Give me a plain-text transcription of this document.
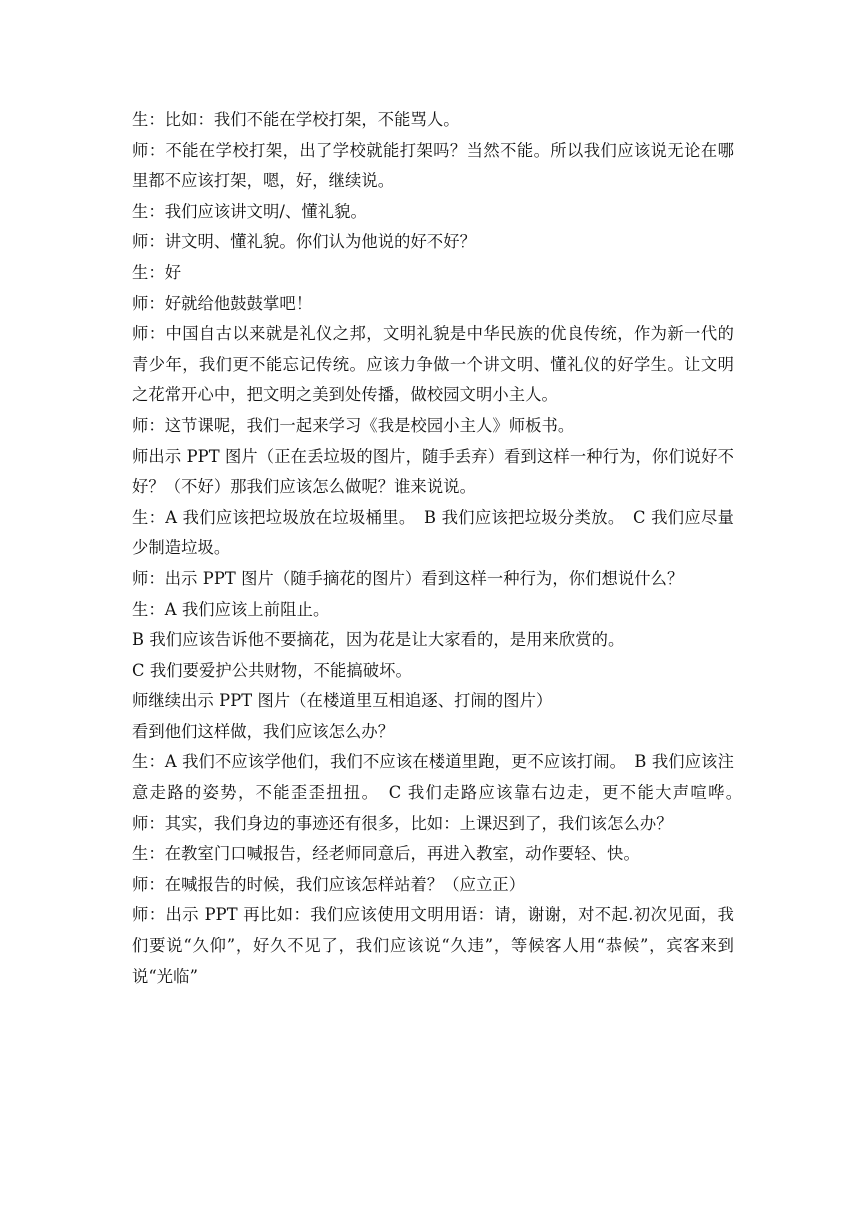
生：比如：我们不能在学校打架，不能骂人。

师：不能在学校打架，出了学校就能打架吗？当然不能。所以我们应该说无论在哪里都不应该打架，嗯，好，继续说。

生：我们应该讲文明/、懂礼貌。

师：讲文明、懂礼貌。你们认为他说的好不好？

生：好

师：好就给他鼓鼓掌吧！

师：中国自古以来就是礼仪之邦，文明礼貌是中华民族的优良传统，作为新一代的青少年，我们更不能忘记传统。应该力争做一个讲文明、懂礼仪的好学生。让文明之花常开心中，把文明之美到处传播，做校园文明小主人。

师：这节课呢，我们一起来学习《我是校园小主人》师板书。

师出示 PPT 图片（正在丢垃圾的图片，随手丢弃）看到这样一种行为，你们说好不好？（不好）那我们应该怎么做呢？谁来说说。

生：A 我们应该把垃圾放在垃圾桶里。　B 我们应该把垃圾分类放。　C 我们应尽量少制造垃圾。

师：出示 PPT 图片（随手摘花的图片）看到这样一种行为，你们想说什么？

生：A 我们应该上前阻止。

B 我们应该告诉他不要摘花，因为花是让大家看的，是用来欣赏的。

C 我们要爱护公共财物，不能搞破坏。

师继续出示 PPT 图片（在楼道里互相追逐、打闹的图片）

看到他们这样做，我们应该怎么办？

生：A 我们不应该学他们，我们不应该在楼道里跑，更不应该打闹。　B 我们应该注意走路的姿势，不能歪歪扭扭。　C 我们走路应该靠右边走，更不能大声喧哗。　师：其实，我们身边的事迹还有很多，比如：上课迟到了，我们该怎么办？

生：在教室门口喊报告，经老师同意后，再进入教室，动作要轻、快。

师：在喊报告的时候，我们应该怎样站着？（应立正）

师：出示 PPT 再比如：我们应该使用文明用语：请，谢谢，对不起.初次见面，我们要说“久仰”，好久不见了，我们应该说“久违”，等候客人用“恭候”，宾客来到说“光临”
